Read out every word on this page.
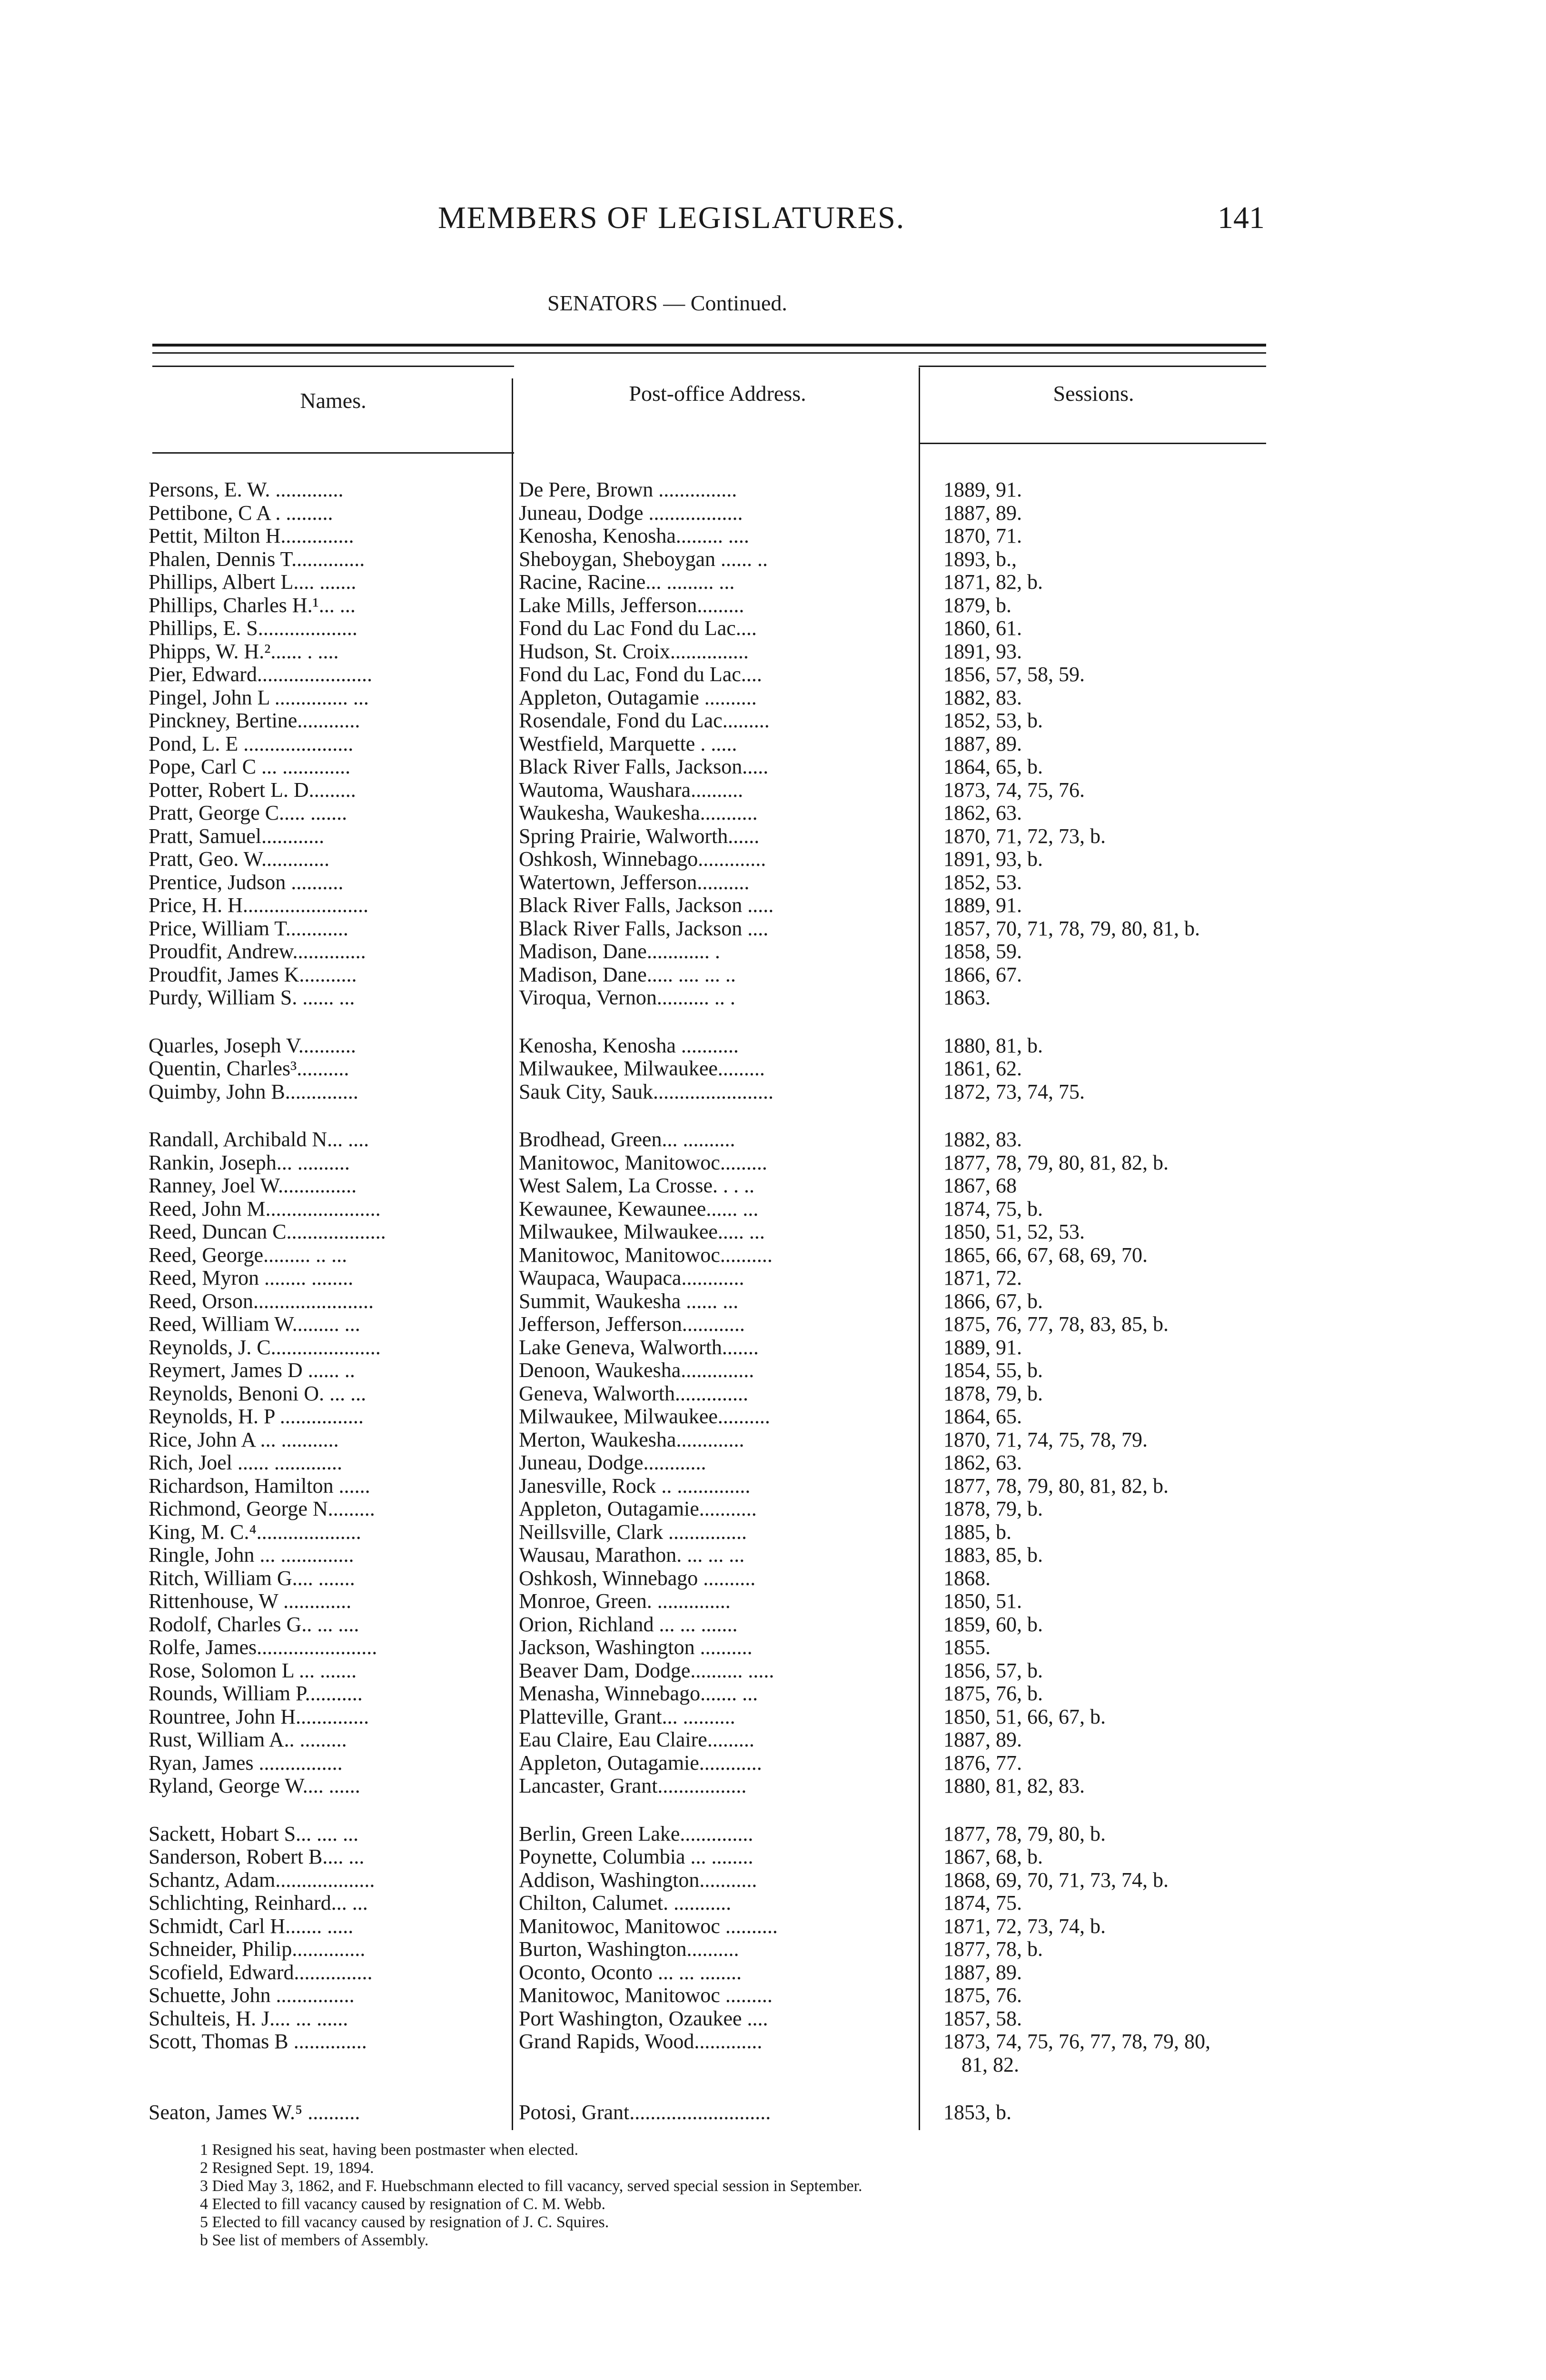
MEMBERS OF LEGISLATURES.	141
SENATORS — Continued.
Names.	Post-office Address.	Sessions.
Persons, E. W. .............	De Pere, Brown ...............	1889, 91.
Pettibone, C A . .........	Juneau, Dodge ..................	1887, 89.
Pettit, Milton H..............	Kenosha, Kenosha......... ....	1870, 71.
Phalen, Dennis T..............	Sheboygan, Sheboygan ...... ..	1893, b.,
Phillips, Albert L.... .......	Racine, Racine... ......... ...	1871, 82, b.
Phillips, Charles H.¹... ...	Lake Mills, Jefferson.........	1879, b.
Phillips, E. S...................	Fond du Lac Fond du Lac....	1860, 61.
Phipps, W. H.²...... . ....	Hudson, St. Croix...............	1891, 93.
Pier, Edward......................	Fond du Lac, Fond du Lac....	1856, 57, 58, 59.
Pingel, John L .............. ...	Appleton, Outagamie ..........	1882, 83.
Pinckney, Bertine............	Rosendale, Fond du Lac.........	1852, 53, b.
Pond, L. E .....................	Westfield, Marquette . .....	1887, 89.
Pope, Carl C ... .............	Black River Falls, Jackson.....	1864, 65, b.
Potter, Robert L. D.........	Wautoma, Waushara..........	1873, 74, 75, 76.
Pratt, George C..... .......	Waukesha, Waukesha...........	1862, 63.
Pratt, Samuel............	Spring Prairie, Walworth......	1870, 71, 72, 73, b.
Pratt, Geo. W.............	Oshkosh, Winnebago.............	1891, 93, b.
Prentice, Judson ..........	Watertown, Jefferson..........	1852, 53.
Price, H. H........................	Black River Falls, Jackson .....	1889, 91.
Price, William T............	Black River Falls, Jackson ....	1857, 70, 71, 78, 79, 80, 81, b.
Proudfit, Andrew..............	Madison, Dane............ .	1858, 59.
Proudfit, James K...........	Madison, Dane..... .... ... ..	1866, 67.
Purdy, William S. ...... ...	Viroqua, Vernon.......... .. .	1863.
Quarles, Joseph V...........	Kenosha, Kenosha ...........	1880, 81, b.
Quentin, Charles³..........	Milwaukee, Milwaukee.........	1861, 62.
Quimby, John B..............	Sauk City, Sauk.......................	1872, 73, 74, 75.
Randall, Archibald N... ....	Brodhead, Green... ..........	1882, 83.
Rankin, Joseph... ..........	Manitowoc, Manitowoc.........	1877, 78, 79, 80, 81, 82, b.
Ranney, Joel W...............	West Salem, La Crosse. . . ..	1867, 68
Reed, John M......................	Kewaunee, Kewaunee...... ...	1874, 75, b.
Reed, Duncan C...................	Milwaukee, Milwaukee..... ...	1850, 51, 52, 53.
Reed, George......... .. ...	Manitowoc, Manitowoc..........	1865, 66, 67, 68, 69, 70.
Reed, Myron ........ ........	Waupaca, Waupaca............	1871, 72.
Reed, Orson.......................	Summit, Waukesha ...... ...	1866, 67, b.
Reed, William W......... ...	Jefferson, Jefferson............	1875, 76, 77, 78, 83, 85, b.
Reynolds, J. C.....................	Lake Geneva, Walworth.......	1889, 91.
Reymert, James D ...... ..	Denoon, Waukesha..............	1854, 55, b.
Reynolds, Benoni O. ... ...	Geneva, Walworth..............	1878, 79, b.
Reynolds, H. P ................	Milwaukee, Milwaukee..........	1864, 65.
Rice, John A ... ...........	Merton, Waukesha.............	1870, 71, 74, 75, 78, 79.
Rich, Joel ...... .............	Juneau, Dodge............	1862, 63.
Richardson, Hamilton ......	Janesville, Rock .. ..............	1877, 78, 79, 80, 81, 82, b.
Richmond, George N.........	Appleton, Outagamie...........	1878, 79, b.
King, M. C.⁴....................	Neillsville, Clark ...............	1885, b.
Ringle, John ... ..............	Wausau, Marathon. ... ... ...	1883, 85, b.
Ritch, William G.... .......	Oshkosh, Winnebago ..........	1868.
Rittenhouse, W .............	Monroe, Green. ..............	1850, 51.
Rodolf, Charles G.. ... ....	Orion, Richland ... ... .......	1859, 60, b.
Rolfe, James.......................	Jackson, Washington ..........	1855.
Rose, Solomon L ... .......	Beaver Dam, Dodge.......... .....	1856, 57, b.
Rounds, William P...........	Menasha, Winnebago....... ...	1875, 76, b.
Rountree, John H..............	Platteville, Grant... ..........	1850, 51, 66, 67, b.
Rust, William A.. .........	Eau Claire, Eau Claire.........	1887, 89.
Ryan, James ................	Appleton, Outagamie............	1876, 77.
Ryland, George W.... ......	Lancaster, Grant.................	1880, 81, 82, 83.
Sackett, Hobart S... .... ...	Berlin, Green Lake..............	1877, 78, 79, 80, b.
Sanderson, Robert B.... ...	Poynette, Columbia ... ........	1867, 68, b.
Schantz, Adam...................	Addison, Washington...........	1868, 69, 70, 71, 73, 74, b.
Schlichting, Reinhard... ...	Chilton, Calumet. ...........	1874, 75.
Schmidt, Carl H....... .....	Manitowoc, Manitowoc ..........	1871, 72, 73, 74, b.
Schneider, Philip..............	Burton, Washington..........	1877, 78, b.
Scofield, Edward...............	Oconto, Oconto ... ... ........	1887, 89.
Schuette, John ...............	Manitowoc, Manitowoc .........	1875, 76.
Schulteis, H. J.... ... ......	Port Washington, Ozaukee ....	1857, 58.
Scott, Thomas B ..............	Grand Rapids, Wood.............	1873, 74, 75, 76, 77, 78, 79, 80,
81, 82.
Seaton, James W.⁵ ..........	Potosi, Grant...........................	1853, b.
1 Resigned his seat, having been postmaster when elected.
2 Resigned Sept. 19, 1894.
3 Died May 3, 1862, and F. Huebschmann elected to fill vacancy, served special session in September.
4 Elected to fill vacancy caused by resignation of C. M. Webb.
5 Elected to fill vacancy caused by resignation of J. C. Squires.
b See list of members of Assembly.
